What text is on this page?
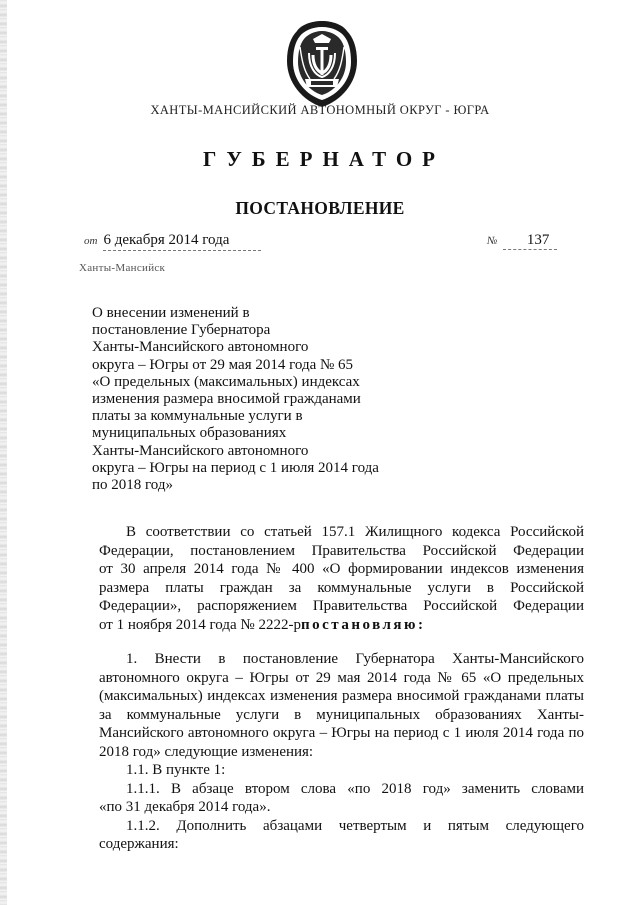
ХАНТЫ-МАНСИЙСКИЙ АВТОНОМНЫЙ ОКРУГ - ЮГРА
ГУБЕРНАТОР
ПОСТАНОВЛЕНИЕ
от 6 декабря 2014 года	№ 137
Ханты-Мансийск
О внесении изменений в
постановление Губернатора
Ханты-Мансийского автономного
округа – Югры от 29 мая 2014 года № 65
«О предельных (максимальных) индексах
изменения размера вносимой гражданами
платы за коммунальные услуги в
муниципальных образованиях
Ханты-Мансийского автономного
округа – Югры на период с 1 июля 2014 года
по 2018 год»
В соответствии со статьей 157.1 Жилищного кодекса Российской
Федерации, постановлением Правительства Российской Федерации
от 30 апреля 2014 года № 400 «О формировании индексов изменения
размера платы граждан за коммунальные услуги в Российской
Федерации», распоряжением Правительства Российской Федерации
от 1 ноября 2014 года № 2222-рпостановляю:
1. Внести в постановление Губернатора Ханты-Мансийского
автономного округа – Югры от 29 мая 2014 года № 65 «О предельных
(максимальных) индексах изменения размера вносимой гражданами платы
за коммунальные услуги в муниципальных образованиях Ханты-
Мансийского автономного округа – Югры на период с 1 июля 2014 года по
2018 год» следующие изменения:
1.1. В пункте 1:
1.1.1. В абзаце втором слова «по 2018 год» заменить словами
«по 31 декабря 2014 года».
1.1.2. Дополнить абзацами четвертым и пятым следующего
содержания:
